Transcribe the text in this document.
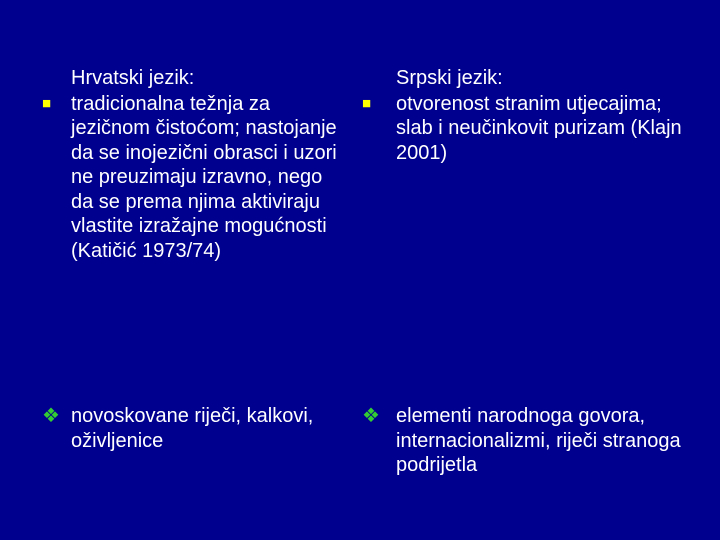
Hrvatski jezik:
■ tradicionalna težnja za jezičnom čistoćom; nastojanje da se inojezični obrasci i uzori ne preuzimaju izravno, nego da se prema njima aktiviraju vlastite izražajne mogućnosti (Katičić 1973/74)
Srpski jezik:
■ otvorenost stranim utjecajima; slab i neučinkovit purizam (Klajn 2001)
❖ novoskovane riječi, kalkovi, oživljenice
❖ elementi narodnoga govora, internacionalizmi, riječi stranoga podrijetla
